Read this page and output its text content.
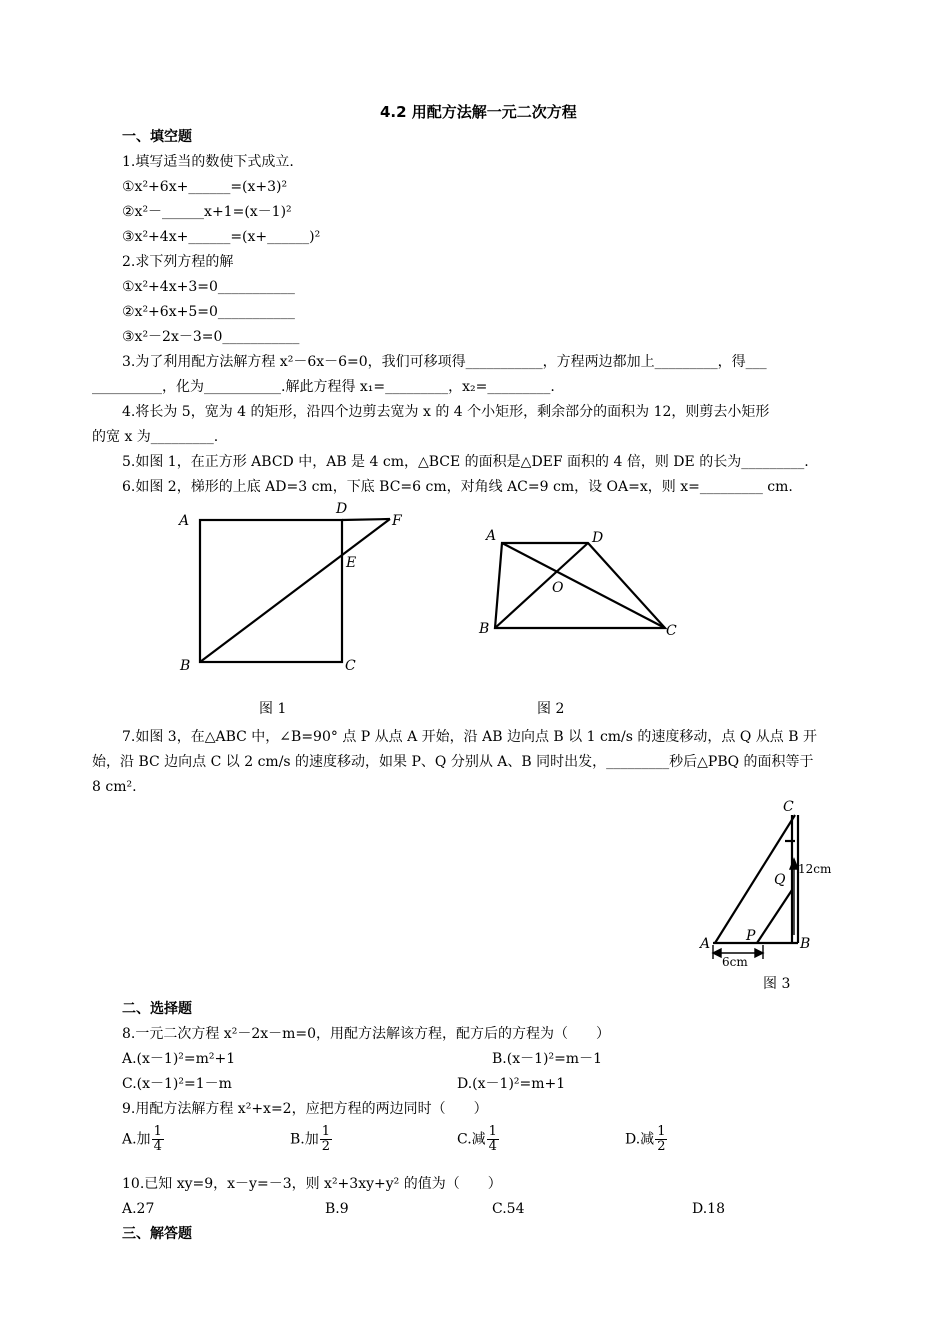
4.2 用配方法解一元二次方程
一、填空题
1.填写适当的数使下式成立.
①x²+6x+______=(x+3)²
②x²－______x+1=(x－1)²
③x²+4x+______=(x+______)²
2.求下列方程的解
①x²+4x+3=0___________
②x²+6x+5=0___________
③x²－2x－3=0___________
3.为了利用配方法解方程 x²－6x－6=0，我们可移项得___________，方程两边都加上_________，得___
__________，化为___________.解此方程得 x₁=_________，x₂=_________.
4.将长为 5，宽为 4 的矩形，沿四个边剪去宽为 x 的 4 个小矩形，剩余部分的面积为 12，则剪去小矩形
的宽 x 为_________.
5.如图 1，在正方形 ABCD 中，AB 是 4 cm，△BCE 的面积是△DEF 面积的 4 倍，则 DE 的长为_________.
6.如图 2，梯形的上底 AD=3 cm，下底 BC=6 cm，对角线 AC=9 cm，设 OA=x，则 x=_________ cm.
A
D
F
E
B	C
A	D
O
B	C
图 1	图 2
7.如图 3，在△ABC 中，∠B=90° 点 P 从点 A 开始，沿 AB 边向点 B 以 1 cm/s 的速度移动，点 Q 从点 B 开
始，沿 BC 边向点 C 以 2 cm/s 的速度移动，如果 P、Q 分别从 A、B 同时出发，_________秒后△PBQ 的面积等于
8 cm².
C
Q
A	P	B
12cm
6cm
图 3
二、选择题
8.一元二次方程 x²－2x－m=0，用配方法解该方程，配方后的方程为（　　）
A.(x－1)²=m²+1	B.(x－1)²=m－1
C.(x－1)²=1－m	D.(x－1)²=m+1
9.用配方法解方程 x²+x=2，应把方程的两边同时（　　）
A.加 $\frac{1}{4}$	B.加 $\frac{1}{2}$	C.减 $\frac{1}{4}$	D.减 $\frac{1}{2}$
10.已知 xy=9，x－y=－3，则 x²+3xy+y² 的值为（　　）
A.27	B.9	C.54	D.18
三、解答题
